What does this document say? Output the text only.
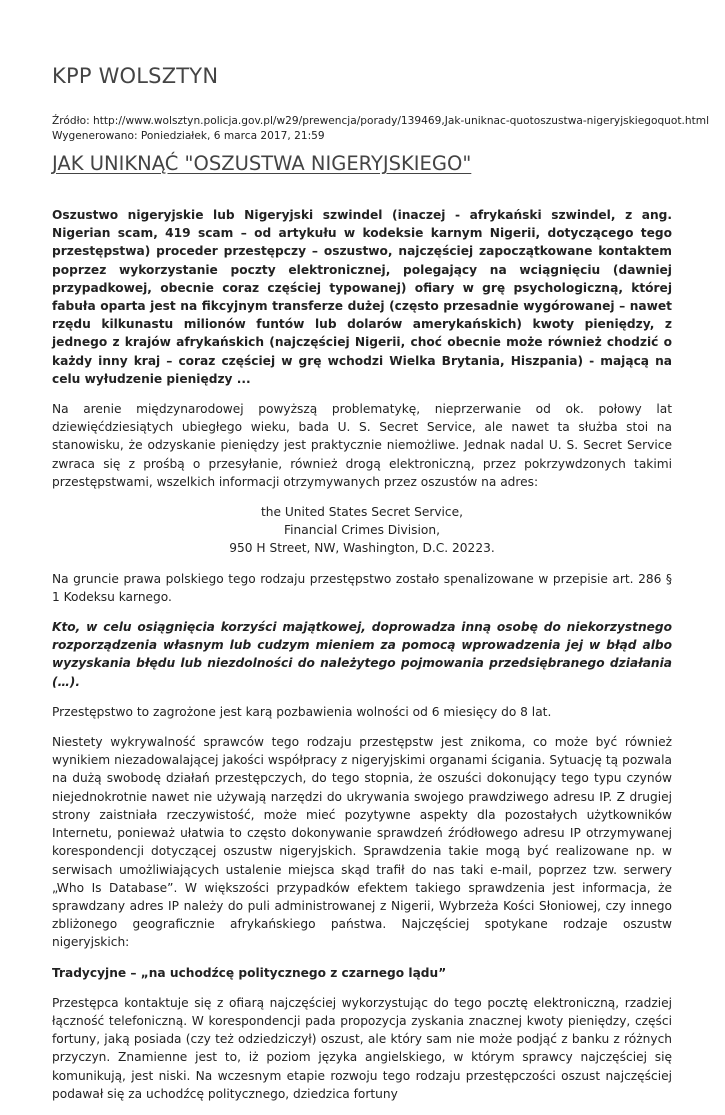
KPP WOLSZTYN
Źródło: http://www.wolsztyn.policja.gov.pl/w29/prewencja/porady/139469,Jak-uniknac-quotoszustwa-nigeryjskiegoquot.html
Wygenerowano: Poniedziałek, 6 marca 2017, 21:59
JAK UNIKNĄĆ "OSZUSTWA NIGERYJSKIEGO"

Oszustwo nigeryjskie lub Nigeryjski szwindel (inaczej - afrykański szwindel, z ang. Nigerian scam, 419 scam – od artykułu w kodeksie karnym Nigerii, dotyczącego tego przestępstwa) proceder przestępczy – oszustwo, najczęściej zapoczątkowane kontaktem poprzez wykorzystanie poczty elektronicznej, polegający na wciągnięciu (dawniej przypadkowej, obecnie coraz częściej typowanej) ofiary w grę psychologiczną, której fabuła oparta jest na fikcyjnym transferze dużej (często przesadnie wygórowanej – nawet rzędu kilkunastu milionów funtów lub dolarów amerykańskich) kwoty pieniędzy, z jednego z krajów afrykańskich (najczęściej Nigerii, choć obecnie może również chodzić o każdy inny kraj – coraz częściej w grę wchodzi Wielka Brytania, Hiszpania) - mającą na celu wyłudzenie pieniędzy ...

Na arenie międzynarodowej powyższą problematykę, nieprzerwanie od ok. połowy lat dziewięćdziesiątych ubiegłego wieku, bada U. S. Secret Service, ale nawet ta służba stoi na stanowisku, że odzyskanie pieniędzy jest praktycznie niemożliwe. Jednak nadal U. S. Secret Service zwraca się z prośbą o przesyłanie, również drogą elektroniczną, przez pokrzywdzonych takimi przestępstwami, wszelkich informacji otrzymywanych przez oszustów na adres:

the United States Secret Service,
Financial Crimes Division,
950 H Street, NW, Washington, D.C. 20223.

Na gruncie prawa polskiego tego rodzaju przestępstwo zostało spenalizowane w przepisie art. 286 § 1 Kodeksu karnego.

Kto, w celu osiągnięcia korzyści majątkowej, doprowadza inną osobę do niekorzystnego rozporządzenia własnym lub cudzym mieniem za pomocą wprowadzenia jej w błąd albo wyzyskania błędu lub niezdolności do należytego pojmowania przedsiębranego działania (…).

Przestępstwo to zagrożone jest karą pozbawienia wolności od 6 miesięcy do 8 lat.

Niestety wykrywalność sprawców tego rodzaju przestępstw jest znikoma, co może być również wynikiem niezadowalającej jakości współpracy z nigeryjskimi organami ścigania. Sytuację tą pozwala na dużą swobodę działań przestępczych, do tego stopnia, że oszuści dokonujący tego typu czynów niejednokrotnie nawet nie używają narzędzi do ukrywania swojego prawdziwego adresu IP. Z drugiej strony zaistniała rzeczywistość, może mieć pozytywne aspekty dla pozostałych użytkowników Internetu, ponieważ ułatwia to często dokonywanie sprawdzeń źródłowego adresu IP otrzymywanej korespondencji dotyczącej oszustw nigeryjskich. Sprawdzenia takie mogą być realizowane np. w serwisach umożliwiających ustalenie miejsca skąd trafił do nas taki e-mail, poprzez tzw. serwery „Who Is Database”. W większości przypadków efektem takiego sprawdzenia jest informacja, że sprawdzany adres IP należy do puli administrowanej z Nigerii, Wybrzeża Kości Słoniowej, czy innego zbliżonego geograficznie afrykańskiego państwa. Najczęściej spotykane rodzaje oszustw nigeryjskich:

Tradycyjne – „na uchodźcę politycznego z czarnego lądu”

Przestępca kontaktuje się z ofiarą najczęściej wykorzystując do tego pocztę elektroniczną, rzadziej łączność telefoniczną. W korespondencji pada propozycja zyskania znacznej kwoty pieniędzy, części fortuny, jaką posiada (czy też odziedziczył) oszust, ale który sam nie może podjąć z banku z różnych przyczyn. Znamienne jest to, iż poziom języka angielskiego, w którym sprawcy najczęściej się komunikują, jest niski. Na wczesnym etapie rozwoju tego rodzaju przestępczości oszust najczęściej podawał się za uchodźcę politycznego, dziedzica fortuny
